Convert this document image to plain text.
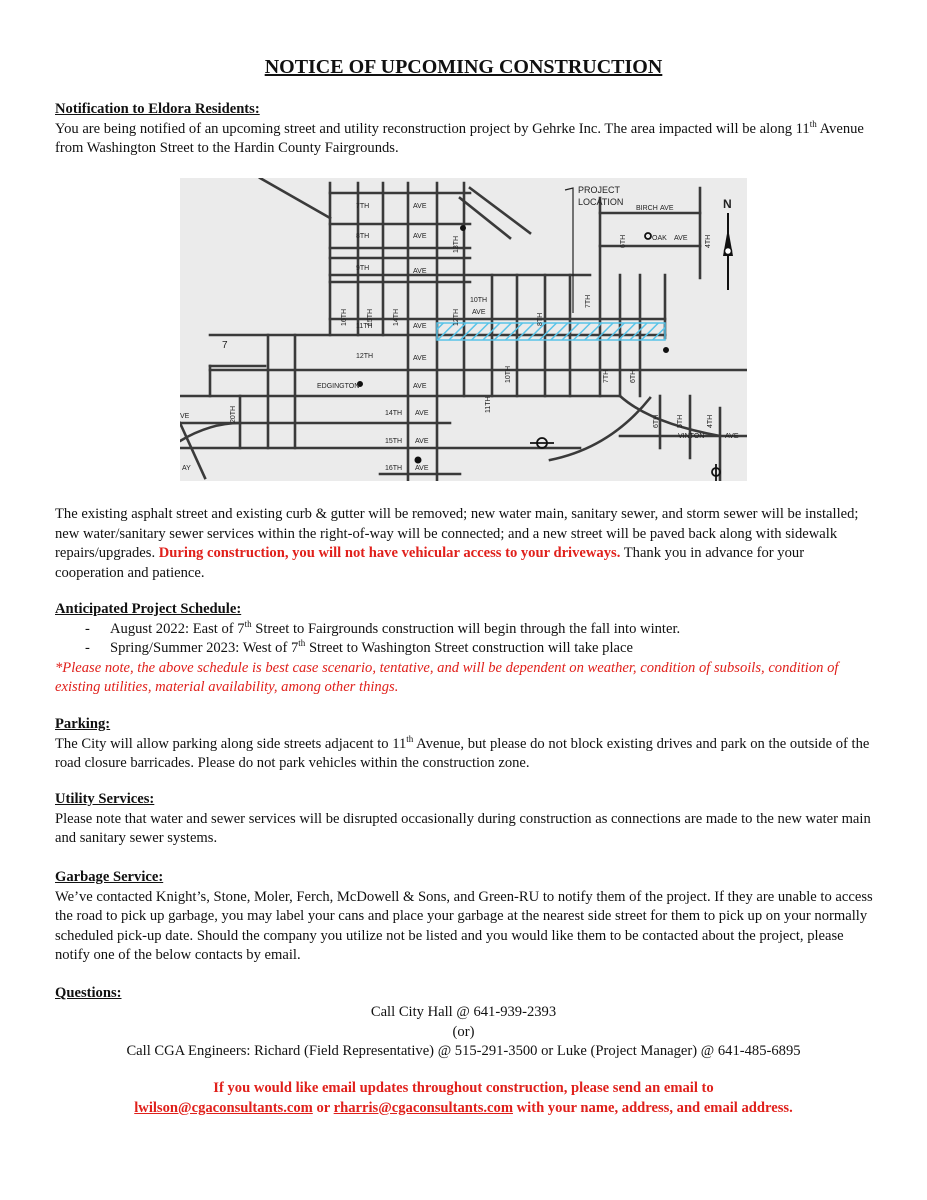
NOTICE OF UPCOMING CONSTRUCTION
Notification to Eldora Residents:
You are being notified of an upcoming street and utility reconstruction project by Gehrke Inc. The area impacted will be along 11th Avenue from Washington Street to the Hardin County Fairgrounds.
PROJECT
LOCATION	N
BIRCH AVE
OAK AVE
7TH	AVE
8TH	AVE
9TH	AVE
10TH
AVE
11TH	AVE
12TH	AVE
EDGINGTON	AVE
14TH AVE
15TH AVE
16TH AVE
VINTON	AVE
7
VE
AY
16TH	15TH	14TH	12TH
13TH
8TH
7TH
6TH	4TH
10TH	7TH	6TH
11TH
20TH	6TH 5TH	4TH
The existing asphalt street and existing curb & gutter will be removed; new water main, sanitary sewer, and storm sewer will be installed; new water/sanitary sewer services within the right-of-way will be connected; and a new street will be paved back along with sidewalk repairs/upgrades. During construction, you will not have vehicular access to your driveways. Thank you in advance for your cooperation and patience.
Anticipated Project Schedule:
- August 2022: East of 7th Street to Fairgrounds construction will begin through the fall into winter.
- Spring/Summer 2023: West of 7th Street to Washington Street construction will take place
*Please note, the above schedule is best case scenario, tentative, and will be dependent on weather, condition of subsoils, condition of existing utilities, material availability, among other things.
Parking:
The City will allow parking along side streets adjacent to 11th Avenue, but please do not block existing drives and park on the outside of the road closure barricades. Please do not park vehicles within the construction zone.
Utility Services:
Please note that water and sewer services will be disrupted occasionally during construction as connections are made to the new water main and sanitary sewer systems.
Garbage Service:
We’ve contacted Knight’s, Stone, Moler, Ferch, McDowell & Sons, and Green-RU to notify them of the project. If they are unable to access the road to pick up garbage, you may label your cans and place your garbage at the nearest side street for them to pick up on your normally scheduled pick-up date. Should the company you utilize not be listed and you would like them to be contacted about the project, please notify one of the below contacts by email.
Questions:
Call City Hall @ 641-939-2393
(or)
Call CGA Engineers: Richard (Field Representative) @ 515-291-3500 or Luke (Project Manager) @ 641-485-6895
If you would like email updates throughout construction, please send an email to
lwilson@cgaconsultants.com or rharris@cgaconsultants.com with your name, address, and email address.
